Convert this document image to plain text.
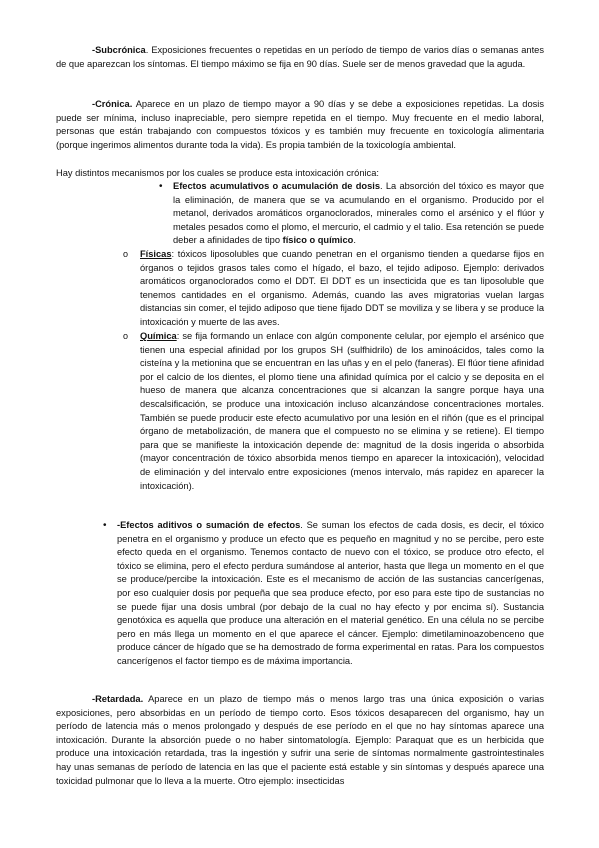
-Subcrónica. Exposiciones frecuentes o repetidas en un período de tiempo de varios días o semanas antes de que aparezcan los síntomas. El tiempo máximo se fija en 90 días. Suele ser de menos gravedad que la aguda.

-Crónica. Aparece en un plazo de tiempo mayor a 90 días y se debe a exposiciones repetidas. La dosis puede ser mínima, incluso inapreciable, pero siempre repetida en el tiempo. Muy frecuente en el medio laboral, personas que están trabajando con compuestos tóxicos y es también muy frecuente en toxicología alimentaria (porque ingerimos alimentos durante toda la vida). Es propia también de la toxicología ambiental.

Hay distintos mecanismos por los cuales se produce esta intoxicación crónica:

• Efectos acumulativos o acumulación de dosis. La absorción del tóxico es mayor que la eliminación, de manera que se va acumulando en el organismo. Producido por el metanol, derivados aromáticos organoclorados, minerales como el arsénico y el flúor y metales pesados como el plomo, el mercurio, el cadmio y el talio. Esa retención se puede deber a afinidades de tipo físico o químico.

o Físicas: tóxicos liposolubles que cuando penetran en el organismo tienden a quedarse fijos en órganos o tejidos grasos tales como el hígado, el bazo, el tejido adiposo. Ejemplo: derivados aromáticos organoclorados como el DDT. El DDT es un insecticida que es tan liposoluble que tenemos cantidades en el organismo. Además, cuando las aves migratorias vuelan largas distancias sin comer, el tejido adiposo que tiene fijado DDT se moviliza y se libera y se produce la intoxicación y muerte de las aves.

o Química: se fija formando un enlace con algún componente celular, por ejemplo el arsénico que tienen una especial afinidad por los grupos SH (sulfhidrilo) de los aminoácidos, tales como la cisteína y la metionina que se encuentran en las uñas y en el pelo (faneras). El flúor tiene afinidad por el calcio de los dientes, el plomo tiene una afinidad química por el calcio y se deposita en el hueso de manera que alcanza concentraciones que si alcanzan la sangre porque haya una descalsificación, se produce una intoxicación incluso alcanzándose concentraciones mortales. También se puede producir este efecto acumulativo por una lesión en el riñón (que es el principal órgano de metabolización, de manera que el compuesto no se elimina y se retiene). El tiempo para que se manifieste la intoxicación depende de: magnitud de la dosis ingerida o absorbida (mayor concentración de tóxico absorbida menos tiempo en aparecer la intoxicación), velocidad de eliminación y del intervalo entre exposiciones (menos intervalo, más rapidez en aparecer la intoxicación).

• -Efectos aditivos o sumación de efectos. Se suman los efectos de cada dosis, es decir, el tóxico penetra en el organismo y produce un efecto que es pequeño en magnitud y no se percibe, pero este efecto queda en el organismo. Tenemos contacto de nuevo con el tóxico, se produce otro efecto, el tóxico se elimina, pero el efecto perdura sumándose al anterior, hasta que llega un momento en el que se produce/percibe la intoxicación. Este es el mecanismo de acción de las sustancias cancerígenas, por eso cualquier dosis por pequeña que sea produce efecto, por eso para este tipo de sustancias no se puede fijar una dosis umbral (por debajo de la cual no hay efecto y por encima sí). Sustancia genotóxica es aquella que produce una alteración en el material genético. En una célula no se percibe pero en más llega un momento en el que aparece el cáncer. Ejemplo: dimetilaminoazobenceno que produce cáncer de hígado que se ha demostrado de forma experimental en ratas. Para los compuestos cancerígenos el factor tiempo es de máxima importancia.

-Retardada. Aparece en un plazo de tiempo más o menos largo tras una única exposición o varias exposiciones, pero absorbidas en un período de tiempo corto. Esos tóxicos desaparecen del organismo, hay un período de latencia más o menos prolongado y después de ese período en el que no hay síntomas aparece una intoxicación. Durante la absorción puede o no haber sintomatología. Ejemplo: Paraquat que es un herbicida que produce una intoxicación retardada, tras la ingestión y sufrir una serie de síntomas normalmente gastrointestinales hay unas semanas de período de latencia en las que el paciente está estable y sin síntomas y después aparece una toxicidad pulmonar que lo lleva a la muerte. Otro ejemplo: insecticidas
